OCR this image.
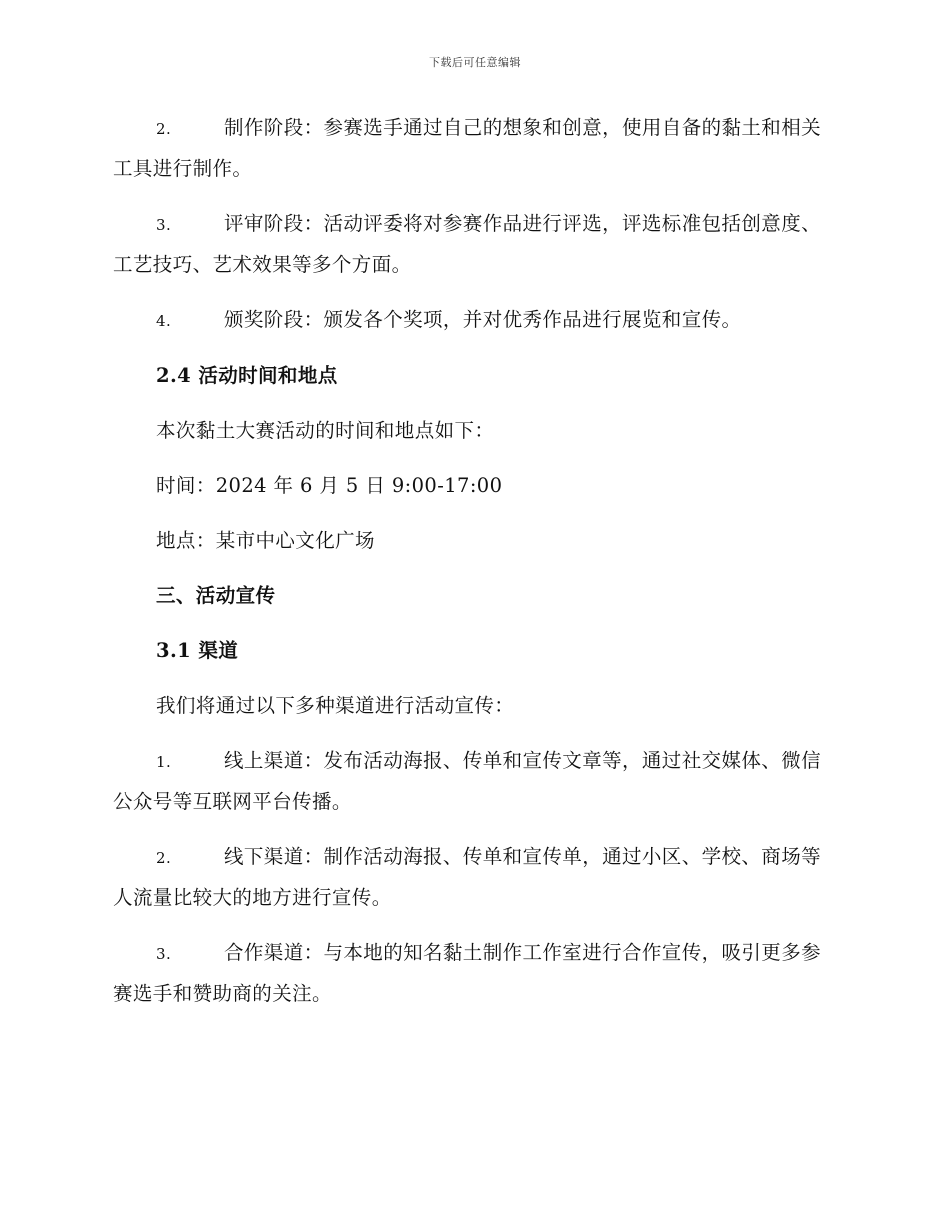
下载后可任意编辑

2.	制作阶段：参赛选手通过自己的想象和创意，使用自备的黏土和相关工具进行制作。

3.	评审阶段：活动评委将对参赛作品进行评选，评选标准包括创意度、工艺技巧、艺术效果等多个方面。

4.	颁奖阶段：颁发各个奖项，并对优秀作品进行展览和宣传。

2.4 活动时间和地点

本次黏土大赛活动的时间和地点如下：

时间：2024 年 6 月 5 日 9:00-17:00

地点：某市中心文化广场

三、活动宣传

3.1 渠道

我们将通过以下多种渠道进行活动宣传：

1.	线上渠道：发布活动海报、传单和宣传文章等，通过社交媒体、微信公众号等互联网平台传播。

2.	线下渠道：制作活动海报、传单和宣传单，通过小区、学校、商场等人流量比较大的地方进行宣传。

3.	合作渠道：与本地的知名黏土制作工作室进行合作宣传，吸引更多参赛选手和赞助商的关注。
